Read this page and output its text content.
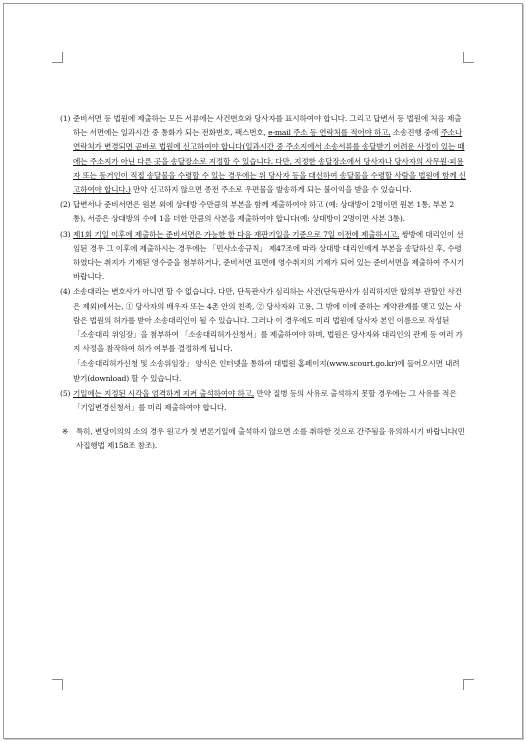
(1) 준비서면 등 법원에 제출하는 모든 서류에는 사건번호와 당사자를 표시하여야 합니다. 그리고 답변서 등 법원에 처음 제출하는 서면에는 일과시간 중 통화가 되는 전화번호, 팩스번호, e-mail 주소 등 연락처를 적어야 하고, 소송진행 중에 주소나 연락처가 변경되면 곧바로 법원에 신고하여야 합니다(일과시간 중 주소지에서 소송서류를 송달받기 어려운 사정이 있는 때에는 주소지가 아닌 다른 곳을 송달장소로 지정할 수 있습니다. 다만, 지정한 송달장소에서 당사자나 당사자의 사무원·피용자 또는 동거인이 직접 송달물을 수령할 수 있는 경우에는 위 당사자 등을 대신하여 송달물을 수령할 사람을 법원에 함께 신고하여야 합니다.) 만약 신고하지 않으면 종전 주소로 우편물을 발송하게 되는 불이익을 받을 수 있습니다.
(2) 답변서나 준비서면은 원본 외에 상대방 수만큼의 부본을 함께 제출하여야 하고 (예: 상대방이 2명이면 원본 1통, 부본 2통), 서증은 상대방의 수에 1을 더한 만큼의 사본을 제출하여야 합니다(예: 상대방이 2명이면 사본 3통).
(3) 제1회 기일 이후에 제출하는 준비서면은 가능한 한 다음 재판기일을 기준으로 7일 이전에 제출하시고, 쌍방에 대리인이 선임된 경우 그 이후에 제출하시는 경우에는 「민사소송규칙」 제47조에 따라 상대방 대리인에게 부본을 송달하신 후, 수령하였다는 취지가 기재된 영수증을 첨부하거나, 준비서면 표면에 영수취지의 기재가 되어 있는 준비서면을 제출하여 주시기 바랍니다.
(4) 소송대리는 변호사가 아니면 할 수 없습니다. 다만, 단독판사가 심리하는 사건(단독판사가 심리하지만 합의부 관할인 사건은 제외)에서는, ① 당사자의 배우자 또는 4촌 안의 친족, ② 당사자와 고용, 그 밖에 이에 준하는 계약관계를 맺고 있는 사람은 법원의 허가를 받아 소송대리인이 될 수 있습니다. 그러나 이 경우에도 미리 법원에 당사자 본인 이름으로 작성된 「소송대리 위임장」을 첨부하여 「소송대리허가신청서」를 제출하여야 하며, 법원은 당사자와 대리인의 관계 등 여러 가지 사정을 참작하여 허가 여부를 결정하게 됩니다.
「소송대리허가신청 및 소송위임장」 양식은 인터넷을 통하여 대법원 홈페이지(www.scourt.go.kr)에 들어오시면 내려받기(download) 할 수 있습니다.
(5) 기일에는 지정된 시각을 엄격하게 지켜 출석하여야 하고, 만약 질병 등의 사유로 출석하지 못할 경우에는 그 사유를 적은 「기일변경신청서」를 미리 제출하여야 합니다.
※ 특히, 변당이의의 소의 경우 원고가 첫 변론기일에 출석하지 않으면 소를 취하한 것으로 간주됨을 유의하시기 바랍니다(민사집행법 제158조 참조).
